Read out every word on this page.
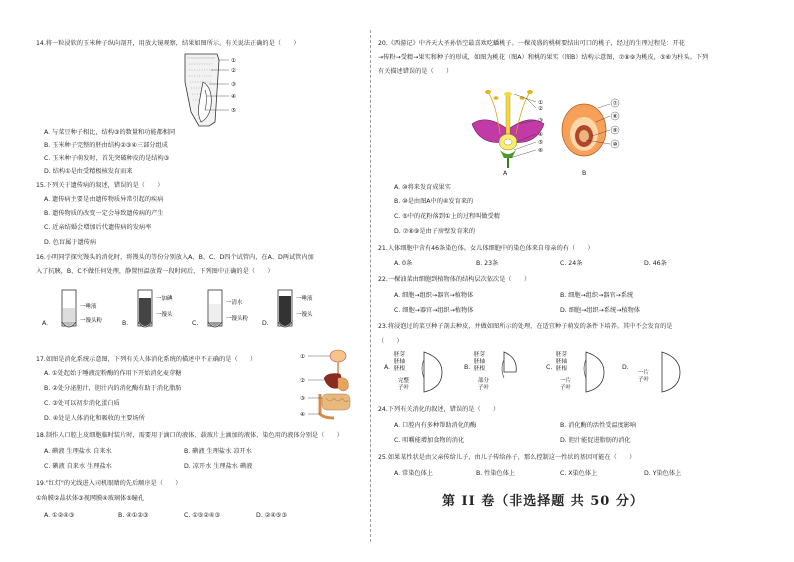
14.将一粒浸软的玉米种子纵向剖开，用放大镜观察，结果如图所示。有关说法正确的是（　　）

①
②
③
④
⑤
A. 与菜豆种子相比，结构③的数量和功能都相同
B. 玉米种子完整的胚由结构②③④三部分组成
C. 玉米种子萌发时，首先突破种皮的是结构③
D. 结构①是由受精极核发育而来

15.下列关于遗传病的叙述，错误的是（　　）

A. 遗传病主要是由遗传物质异常引起的疾病
B. 遗传物质的改变一定会导致遗传病的产生
C. 近亲结婚会增加后代遗传病的发病率
D. 色盲属于遗传病

16.小明同学探究馒头的消化时，将馒头的等份分别放入A、B、C、D四个试管内，在A、D两试管内加

入了抗胰，B、C不做任何处理，静置恒温放置一段时间后，下列图中正确的是（　　）

A.
一唾液
一馒头粉	B.
一加碘
一馒头
C.
一清水
一馒头粉
D.
一唾液
一馒头

17.如图是消化系统示意图，下列有关人体消化系统的描述中不正确的是（　　）

A. ①处起始于唾液淀粉酶的作用下开始消化麦芽糖
B. ②处分泌胆汁，胆汁内的消化酶有助于消化脂肪
C. ③处可以初步消化蛋白质
D. ④处是人体消化和吸收的主要场所
①
②
③
④

18.制作人口腔上皮细胞临时装片时，需要用于滴口的液体、载玻片上滴加的液体、染色用的液体分别是（　　）

A. 碘液 生理盐水 自来水	B. 碘液 生理盐水 凉开水
C. 碘液 自来水 生理盐水	D. 凉开水 生理盐水 碘液

19."红灯"的光线进入司机眼睛的先后顺序是（　　）

①角膜②晶状体③视网膜④玻璃体⑤瞳孔

A. ①②④③	B. ④①②③	C. ①⑤②④③	D. ②④⑤③

20.《西游记》中齐天大圣孙悟空最喜欢吃蟠桃子。一棵茂盛的桃树要结出可口的桃子，经过的生理过程是：开花

→传粉→受精→果实和种子的形成，如图为桃花（图A）和桃的果实（图B）结构示意图，⑦⑧⑨为桃皮，⑤⑥为柱头。下列

有关描述错误的是（　　）

①
②
③
④
⑤
⑥
A
⑦
⑧
⑨
⑩
B
A. ⑩将来发育成果实
B. ⑩是由图A中的④发育来的
C. ⑤中的花粉落到①上的过程叫做受精
D. ⑦⑧⑨是由子房壁发育来的

21.人体细胞中含有46条染色体。女儿体细胞中的染色体来自母亲的有（　　）

A. 0条	B. 23条	C. 24条	D. 46条

22.一棵油菜由细胞到植物体的结构层次依次是（　　）

A. 细胞→组织→器官→植物体	B. 细胞→组织→器官→系统
C. 细胞→器官→组织→植物体	D. 细胞→组织→系统→植物体

23.将浸泡过的菜豆种子剖去种皮，并做如图所示的处理，在适宜种子萌发的条件下培养。其中不会发育的是

（　　）

A.
胚芽
胚轴
胚根
完整
子叶
B.
胚芽
胚轴
胚根
部分
子叶
C.
胚芽
胚轴
胚根
一片
子叶
D.
一片
子叶

24.下列有关消化的叙述，错误的是（　　）

A. 口腔内有多种帮助消化的酶	B. 消化酶的活性受温度影响
C. 咀嚼能增加食物的消化	D. 胆汁能促进脂肪的消化

25.如果某性状是由父亲传给儿子，由儿子传给孙子，那么控制这一性状的基因可能在（　　）

A. 常染色体上	B. 性染色体上	C. X染色体上	D. Y染色体上
第 II 卷（非选择题 共 50 分）
